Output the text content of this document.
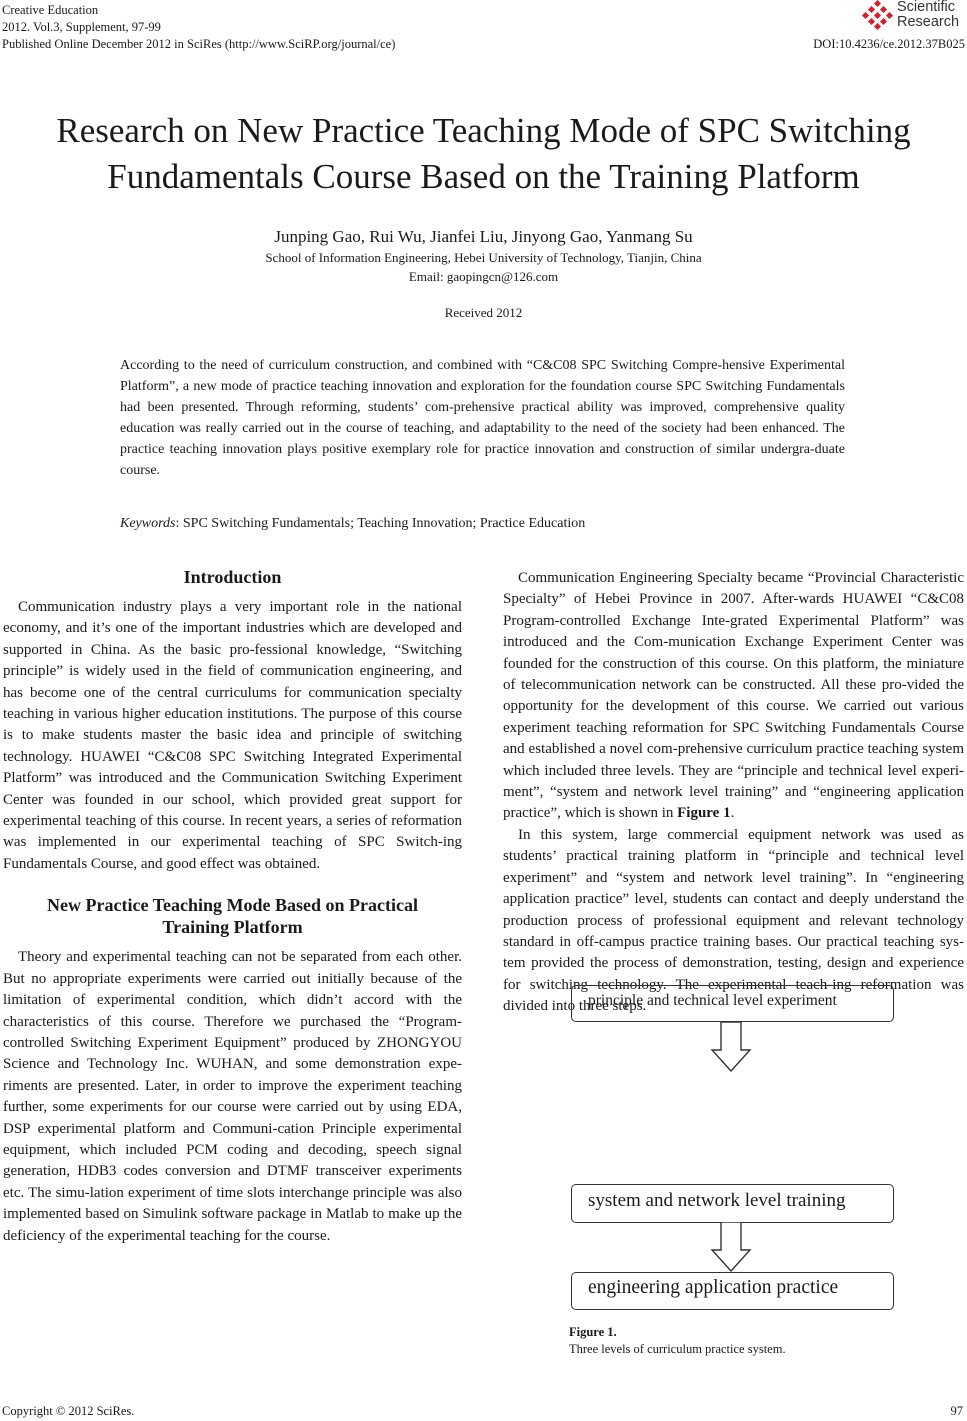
Creative Education
2012. Vol.3, Supplement, 97-99
Published Online December 2012 in SciRes (http://www.SciRP.org/journal/ce)
Scientific
Research
DOI:10.4236/ce.2012.37B025
Research on New Practice Teaching Mode of SPC Switching
Fundamentals Course Based on the Training Platform
Junping Gao, Rui Wu, Jianfei Liu, Jinyong Gao, Yanmang Su
School of Information Engineering, Hebei University of Technology, Tianjin, China
Email: gaopingcn@126.com
Received 2012
According to the need of curriculum construction, and combined with “C&C08 SPC Switching Compre-hensive Experimental Platform”, a new mode of practice teaching innovation and exploration for the foundation course SPC Switching Fundamentals had been presented. Through reforming, students’ com-prehensive practical ability was improved, comprehensive quality education was really carried out in the course of teaching, and adaptability to the need of the society had been enhanced. The practice teaching innovation plays positive exemplary role for practice innovation and construction of similar undergra-duate course.
Keywords: SPC Switching Fundamentals; Teaching Innovation; Practice Education
Introduction

Communication industry plays a very important role in the national economy, and it’s one of the important industries which are developed and supported in China. As the basic pro-fessional knowledge, “Switching principle” is widely used in the field of communication engineering, and has become one of the central curriculums for communication specialty teaching in various higher education institutions. The purpose of this course is to make students master the basic idea and principle of switching technology. HUAWEI “C&C08 SPC Switching Integrated Experimental Platform” was introduced and the Communication Switching Experiment Center was founded in our school, which provided great support for experimental teaching of this course. In recent years, a series of reformation was implemented in our experimental teaching of SPC Switch-ing Fundamentals Course, and good effect was obtained.

New Practice Teaching Mode Based on Practical
Training Platform

Theory and experimental teaching can not be separated from each other. But no appropriate experiments were carried out initially because of the limitation of experimental condition, which didn’t accord with the characteristics of this course. Therefore we purchased the “Program-controlled Switching Experiment Equipment” produced by ZHONGYOU Science and Technology Inc. WUHAN, and some demonstration expe-riments are presented. Later, in order to improve the experiment teaching further, some experiments for our course were carried out by using EDA, DSP experimental platform and Communi-cation Principle experimental equipment, which included PCM coding and decoding, speech signal generation, HDB3 codes conversion and DTMF transceiver experiments etc. The simu-lation experiment of time slots interchange principle was also implemented based on Simulink software package in Matlab to make up the deficiency of the experimental teaching for the course.

Communication Engineering Specialty became “Provincial Characteristic Specialty” of Hebei Province in 2007. After-wards HUAWEI “C&C08 Program-controlled Exchange Inte-grated Experimental Platform” was introduced and the Com-munication Exchange Experiment Center was founded for the construction of this course. On this platform, the miniature of telecommunication network can be constructed. All these pro-vided the opportunity for the development of this course. We carried out various experiment teaching reformation for SPC Switching Fundamentals Course and established a novel com-prehensive curriculum practice teaching system which included three levels. They are “principle and technical level experi-ment”, “system and network level training” and “engineering application practice”, which is shown in Figure 1.

In this system, large commercial equipment network was used as students’ practical training platform in “principle and technical level experiment” and “system and network level training”. In “engineering application practice” level, students can contact and deeply understand the production process of professional equipment and relevant technology standard in off-campus practice training bases. Our practical teaching sys-tem provided the process of demonstration, testing, design and experience for switching technology. The experimental teach-ing reformation was divided into three steps.

principle and technical level experiment
system and network level training
engineering application practice
Figure 1.
Three levels of curriculum practice system.
Copyright © 2012 SciRes.	97
